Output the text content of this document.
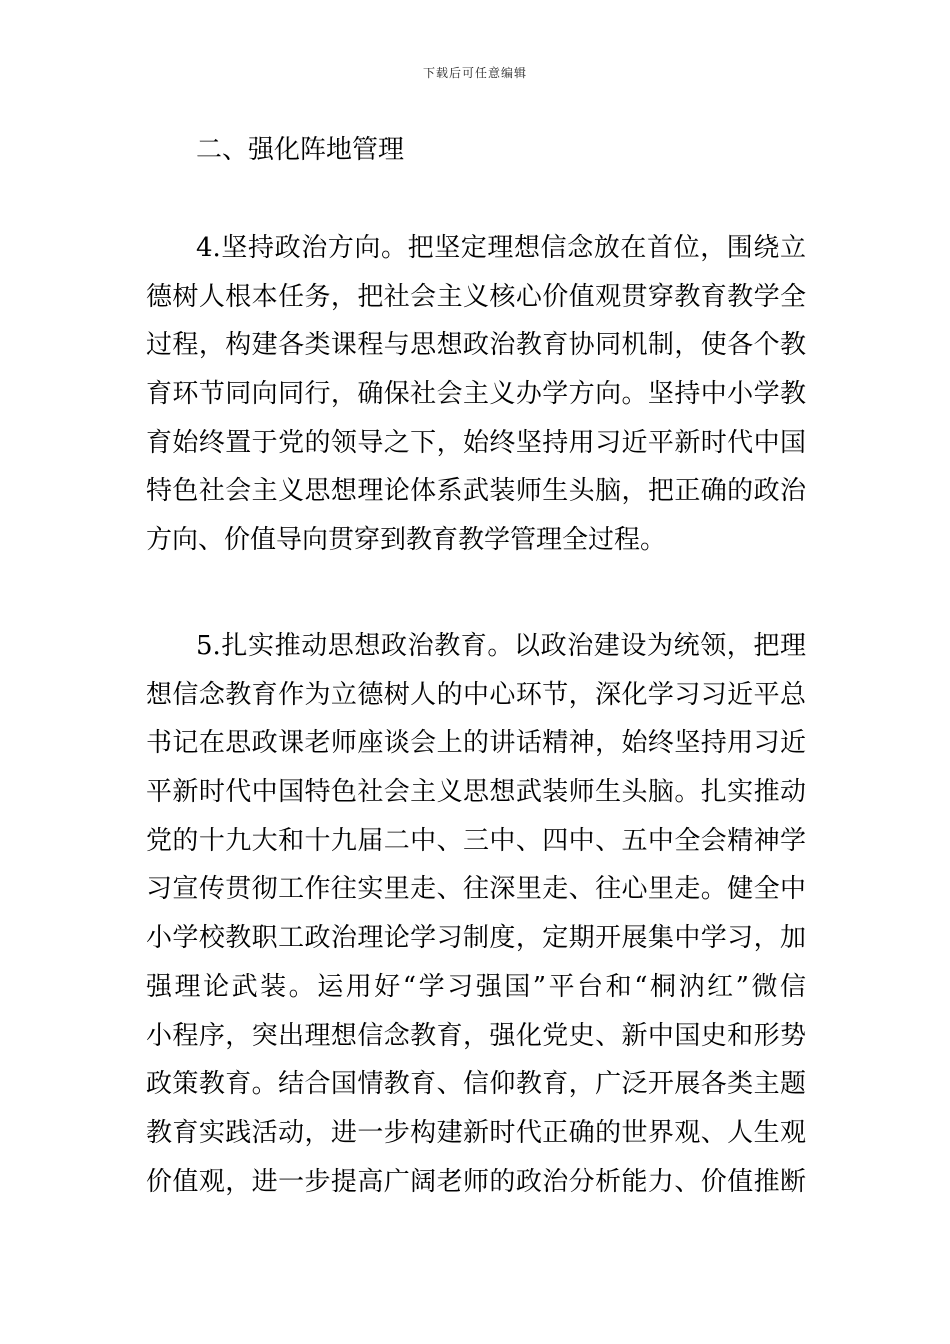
下载后可任意编辑
二、强化阵地管理
4.坚持政治方向。把坚定理想信念放在首位，围绕立
德树人根本任务，把社会主义核心价值观贯穿教育教学全
过程，构建各类课程与思想政治教育协同机制，使各个教
育环节同向同行，确保社会主义办学方向。坚持中小学教
育始终置于党的领导之下，始终坚持用习近平新时代中国
特色社会主义思想理论体系武装师生头脑，把正确的政治
方向、价值导向贯穿到教育教学管理全过程。
5.扎实推动思想政治教育。以政治建设为统领，把理
想信念教育作为立德树人的中心环节，深化学习习近平总
书记在思政课老师座谈会上的讲话精神，始终坚持用习近
平新时代中国特色社会主义思想武装师生头脑。扎实推动
党的十九大和十九届二中、三中、四中、五中全会精神学
习宣传贯彻工作往实里走、往深里走、往心里走。健全中
小学校教职工政治理论学习制度，定期开展集中学习，加
强理论武装。运用好“学习强国”平台和“桐汭红”微信
小程序，突出理想信念教育，强化党史、新中国史和形势
政策教育。结合国情教育、信仰教育，广泛开展各类主题
教育实践活动，进一步构建新时代正确的世界观、人生观
价值观，进一步提高广阔老师的政治分析能力、价值推断
